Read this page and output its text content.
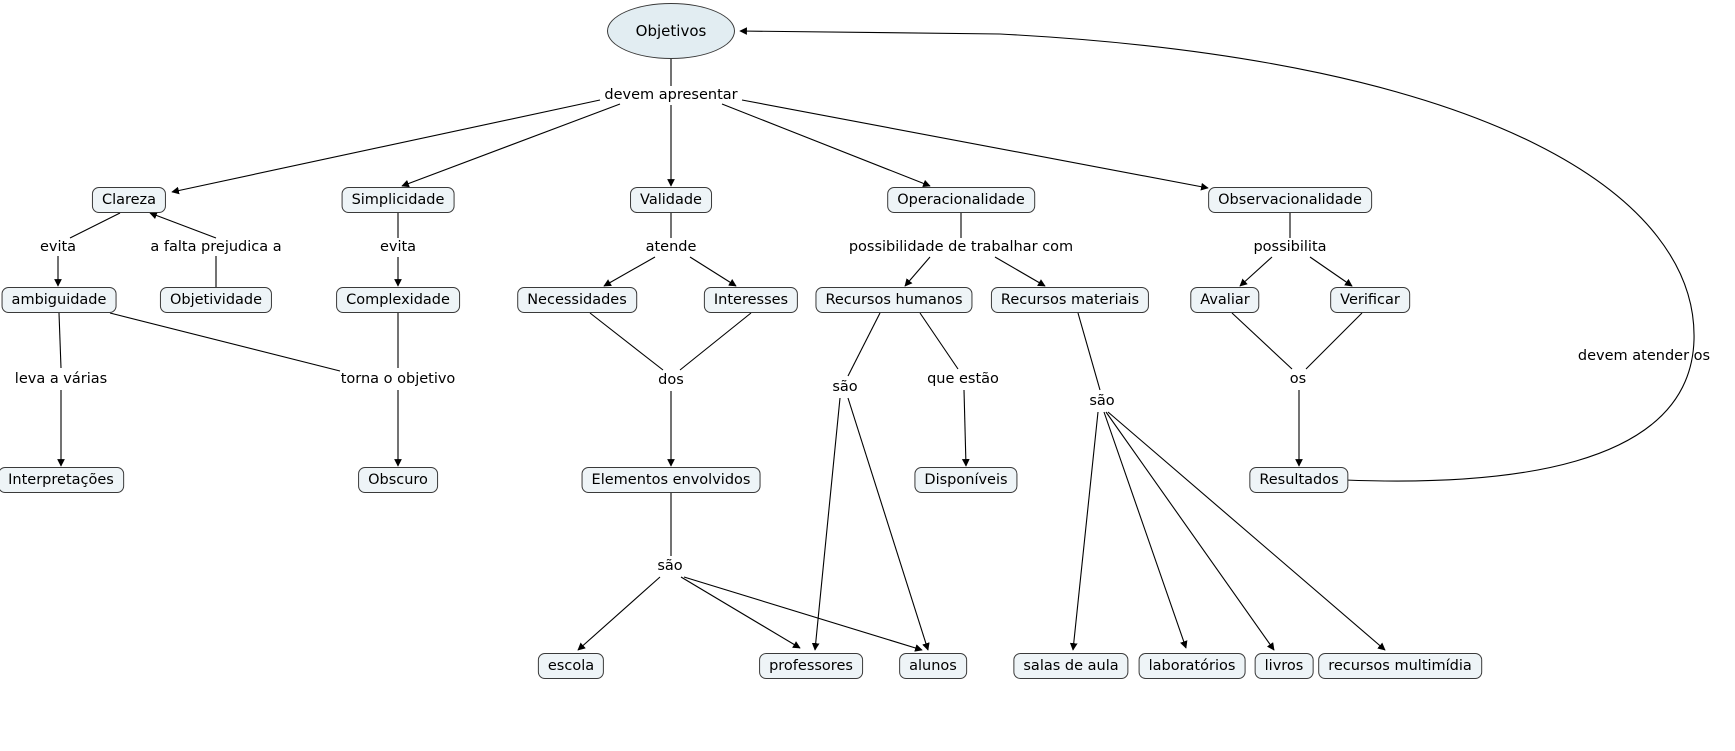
Objetivos
Clareza	Simplicidade	Validade	Operacionalidade	Observacionalidade
ambiguidade	Objetividade	Complexidade	Necessidades	Interesses	Recursos humanos	Recursos materiais	Avaliar	Verificar
Interpretações	Obscuro	Disponíveis	Resultados
Elementos envolvidos
escola	professores	alunos	salas de aula laboratórios livros recursos multimídia
devem apresentar
evita	a falta prejudica a	evita	atende	possibilidade de trabalhar com	possibilita
leva a várias	torna o objetivo	dos	são	que estão
são
os
devem atender os
são
